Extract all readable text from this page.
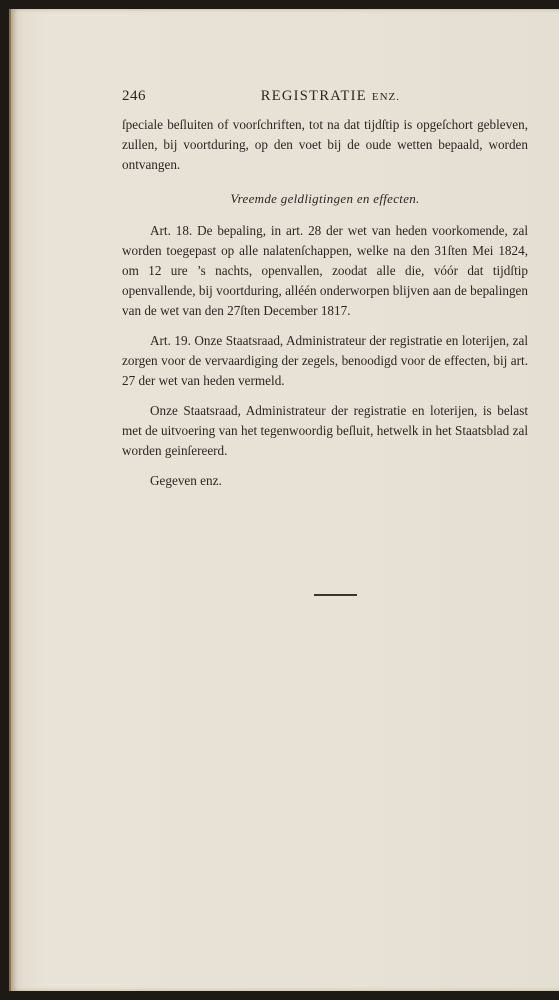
246	REGISTRATIE ENZ.

ſpeciale beſluiten of voorſchriften, tot na dat tijdſtip is opgeſchort gebleven, zullen, bij voortduring, op den voet bij de oude wetten bepaald, worden ontvangen.

Vreemde geldligtingen en effecten.

Art. 18. De bepaling, in art. 28 der wet van heden voorkomende, zal worden toegepast op alle nalatenſchappen, welke na den 31ſten Mei 1824, om 12 ure ’s nachts, openvallen, zoodat alle die, vóór dat tijdſtip openvallende, bij voortduring, alléén onderworpen blijven aan de bepalingen van de wet van den 27ſten December 1817.

Art. 19. Onze Staatsraad, Administrateur der registratie en loterijen, zal zorgen voor de vervaardiging der zegels, benoodigd voor de effecten, bij art. 27 der wet van heden vermeld.

Onze Staatsraad, Administrateur der registratie en loterijen, is belast met de uitvoering van het tegenwoordig beſluit, hetwelk in het Staatsblad zal worden geinſereerd.

Gegeven enz.
